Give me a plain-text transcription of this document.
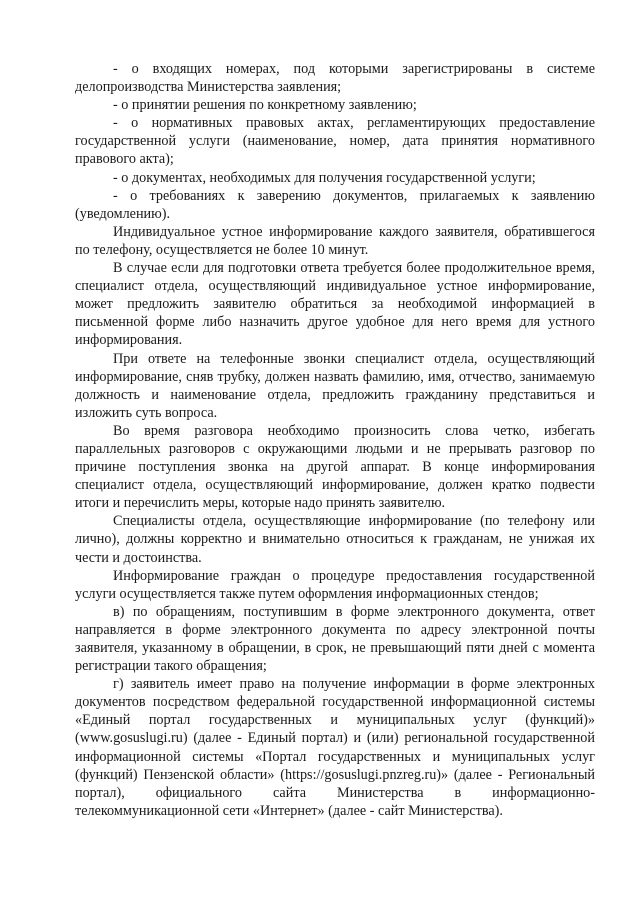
- о входящих номерах, под которыми зарегистрированы в системе делопроизводства Министерства заявления;

- о принятии решения по конкретному заявлению;

- о нормативных правовых актах, регламентирующих предоставление государственной услуги (наименование, номер, дата принятия нормативного правового акта);

- о документах, необходимых для получения государственной услуги;

- о требованиях к заверению документов, прилагаемых к заявлению (уведомлению).

Индивидуальное устное информирование каждого заявителя, обратившегося по телефону, осуществляется не более 10 минут.

В случае если для подготовки ответа требуется более продолжительное время, специалист отдела, осуществляющий индивидуальное устное информирование, может предложить заявителю обратиться за необходимой информацией в письменной форме либо назначить другое удобное для него время для устного информирования.

При ответе на телефонные звонки специалист отдела, осуществляющий информирование, сняв трубку, должен назвать фамилию, имя, отчество, занимаемую должность и наименование отдела, предложить гражданину представиться и изложить суть вопроса.

Во время разговора необходимо произносить слова четко, избегать параллельных разговоров с окружающими людьми и не прерывать разговор по причине поступления звонка на другой аппарат. В конце информирования специалист отдела, осуществляющий информирование, должен кратко подвести итоги и перечислить меры, которые надо принять заявителю.

Специалисты отдела, осуществляющие информирование (по телефону или лично), должны корректно и внимательно относиться к гражданам, не унижая их чести и достоинства.

Информирование граждан о процедуре предоставления государственной услуги осуществляется также путем оформления информационных стендов;

в) по обращениям, поступившим в форме электронного документа, ответ направляется в форме электронного документа по адресу электронной почты заявителя, указанному в обращении, в срок, не превышающий пяти дней с момента регистрации такого обращения;

г) заявитель имеет право на получение информации в форме электронных документов посредством федеральной государственной информационной системы «Единый портал государственных и муниципальных услуг (функций)» (www.gosuslugi.ru) (далее - Единый портал) и (или) региональной государственной информационной системы «Портал государственных и муниципальных услуг (функций) Пензенской области» (https://gosuslugi.pnzreg.ru)» (далее - Региональный портал), официального сайта Министерства в информационно-телекоммуникационной сети «Интернет» (далее - сайт Министерства).
